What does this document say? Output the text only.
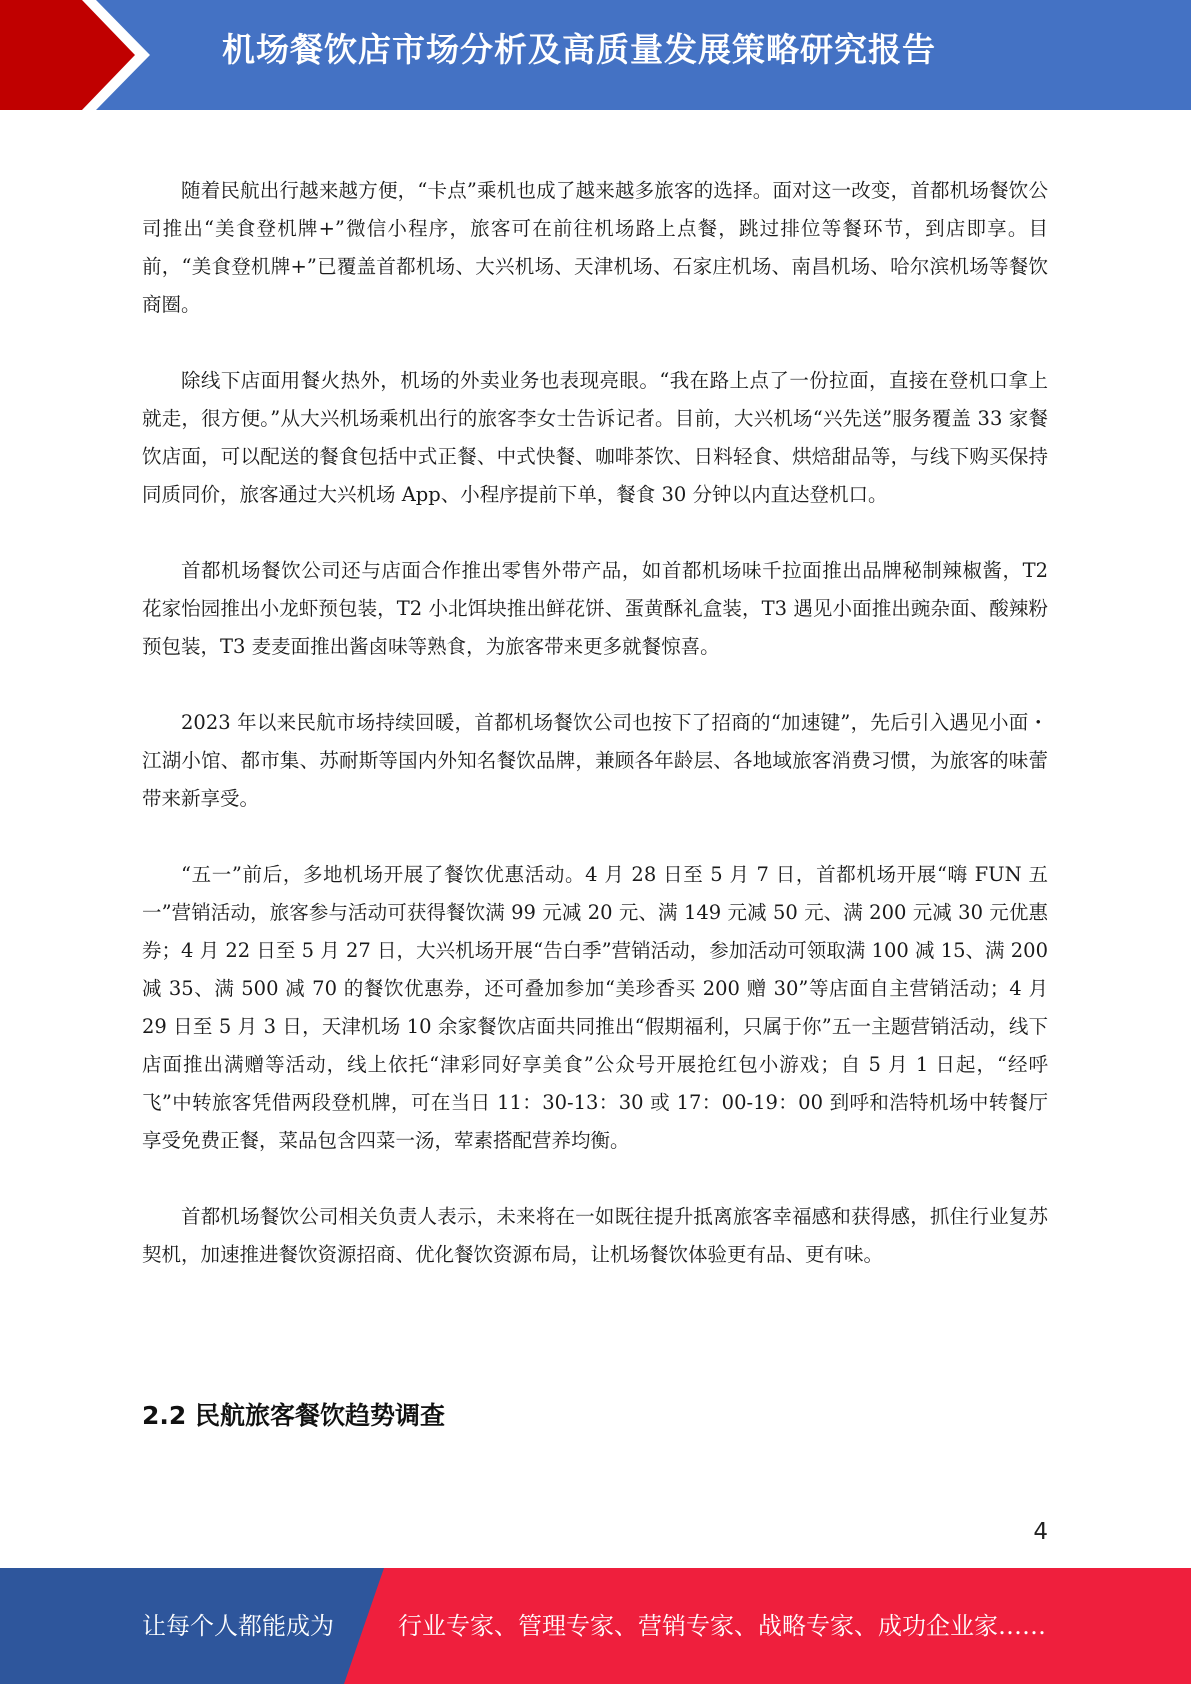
机场餐饮店市场分析及高质量发展策略研究报告

随着民航出行越来越方便，“卡点”乘机也成了越来越多旅客的选择。面对这一改变，首都机场餐饮公司推出“美食登机牌+”微信小程序，旅客可在前往机场路上点餐，跳过排位等餐环节，到店即享。目前，“美食登机牌+”已覆盖首都机场、大兴机场、天津机场、石家庄机场、南昌机场、哈尔滨机场等餐饮商圈。

除线下店面用餐火热外，机场的外卖业务也表现亮眼。“我在路上点了一份拉面，直接在登机口拿上就走，很方便。”从大兴机场乘机出行的旅客李女士告诉记者。目前，大兴机场“兴先送”服务覆盖 33 家餐饮店面，可以配送的餐食包括中式正餐、中式快餐、咖啡茶饮、日料轻食、烘焙甜品等，与线下购买保持同质同价，旅客通过大兴机场 App、小程序提前下单，餐食 30 分钟以内直达登机口。

首都机场餐饮公司还与店面合作推出零售外带产品，如首都机场味千拉面推出品牌秘制辣椒酱，T2 花家怡园推出小龙虾预包装，T2 小北饵块推出鲜花饼、蛋黄酥礼盒装，T3 遇见小面推出豌杂面、酸辣粉预包装，T3 麦麦面推出酱卤味等熟食，为旅客带来更多就餐惊喜。

2023 年以来民航市场持续回暖，首都机场餐饮公司也按下了招商的“加速键”，先后引入遇见小面・江湖小馆、都市集、苏耐斯等国内外知名餐饮品牌，兼顾各年龄层、各地域旅客消费习惯，为旅客的味蕾带来新享受。

“五一”前后，多地机场开展了餐饮优惠活动。4 月 28 日至 5 月 7 日，首都机场开展“嗨 FUN 五一”营销活动，旅客参与活动可获得餐饮满 99 元减 20 元、满 149 元减 50 元、满 200 元减 30 元优惠券；4 月 22 日至 5 月 27 日，大兴机场开展“告白季”营销活动，参加活动可领取满 100 减 15、满 200 减 35、满 500 减 70 的餐饮优惠券，还可叠加参加“美珍香买 200 赠 30”等店面自主营销活动；4 月 29 日至 5 月 3 日，天津机场 10 余家餐饮店面共同推出“假期福利，只属于你”五一主题营销活动，线下店面推出满赠等活动，线上依托“津彩同好享美食”公众号开展抢红包小游戏；自 5 月 1 日起，“经呼飞”中转旅客凭借两段登机牌，可在当日 11：30-13：30 或 17：00-19：00 到呼和浩特机场中转餐厅享受免费正餐，菜品包含四菜一汤，荤素搭配营养均衡。

首都机场餐饮公司相关负责人表示，未来将在一如既往提升抵离旅客幸福感和获得感，抓住行业复苏契机，加速推进餐饮资源招商、优化餐饮资源布局，让机场餐饮体验更有品、更有味。

2.2 民航旅客餐饮趋势调查
4
让每个人都能成为	行业专家、管理专家、营销专家、战略专家、成功企业家……
